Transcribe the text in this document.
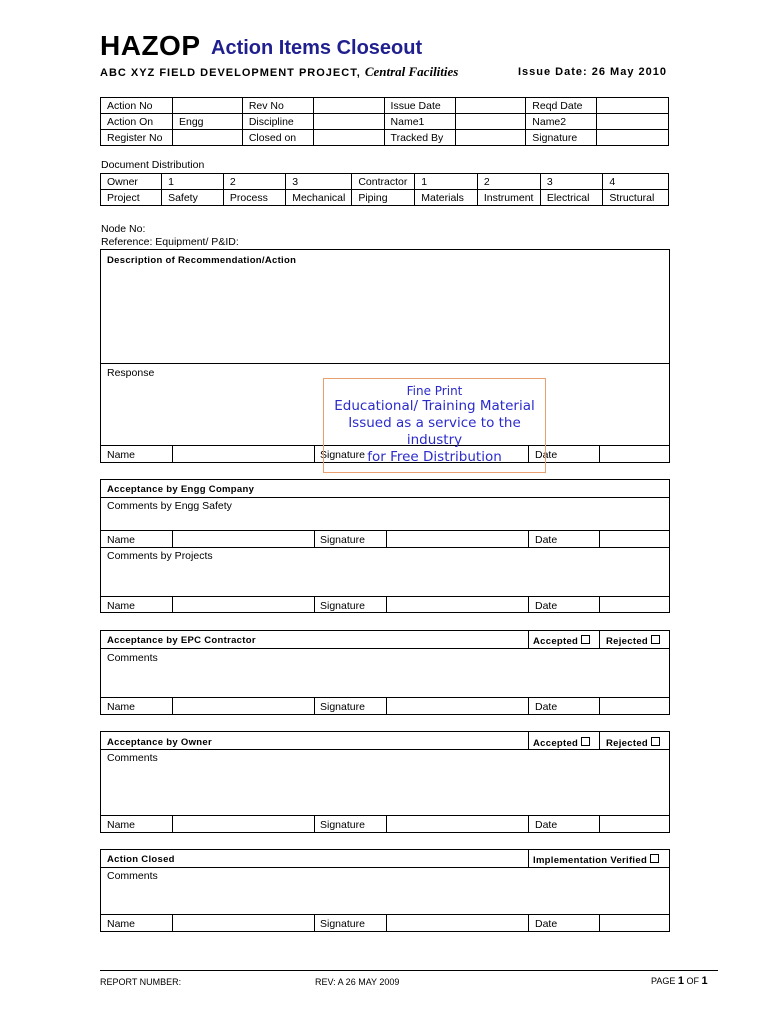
HAZOP Action Items Closeout
ABC XYZ FIELD DEVELOPMENT PROJECT, Central Facilities	Issue Date: 26 May 2010
Action No		Rev No		Issue Date		Reqd Date	
Action On	Engg	Discipline		Name1		Name2	
Register No		Closed on		Tracked By		Signature	
Document Distribution
Owner	1	2	3	Contractor	1	2	3	4
Project	Safety	Process	Mechanical	Piping	Materials	Instrument	Electrical	Structural
Node No:
Reference: Equipment/ P&ID:
Description of Recommendation/Action
Response
Name	Signature	Date
Fine Print
Educational/ Training Material
Issued as a service to the
industry
for Free Distribution
Acceptance by Engg Company
Comments by Engg Safety
Name	Signature	Date
Comments by Projects
Name	Signature	Date
Acceptance by EPC Contractor	Accepted	Rejected
Comments
Name	Signature	Date
Acceptance by Owner	Accepted	Rejected
Comments
Name	Signature	Date
Action Closed	Implementation Verified
Comments
Name	Signature	Date
REPORT NUMBER:	REV: A 26 MAY 2009	PAGE 1 OF 1
